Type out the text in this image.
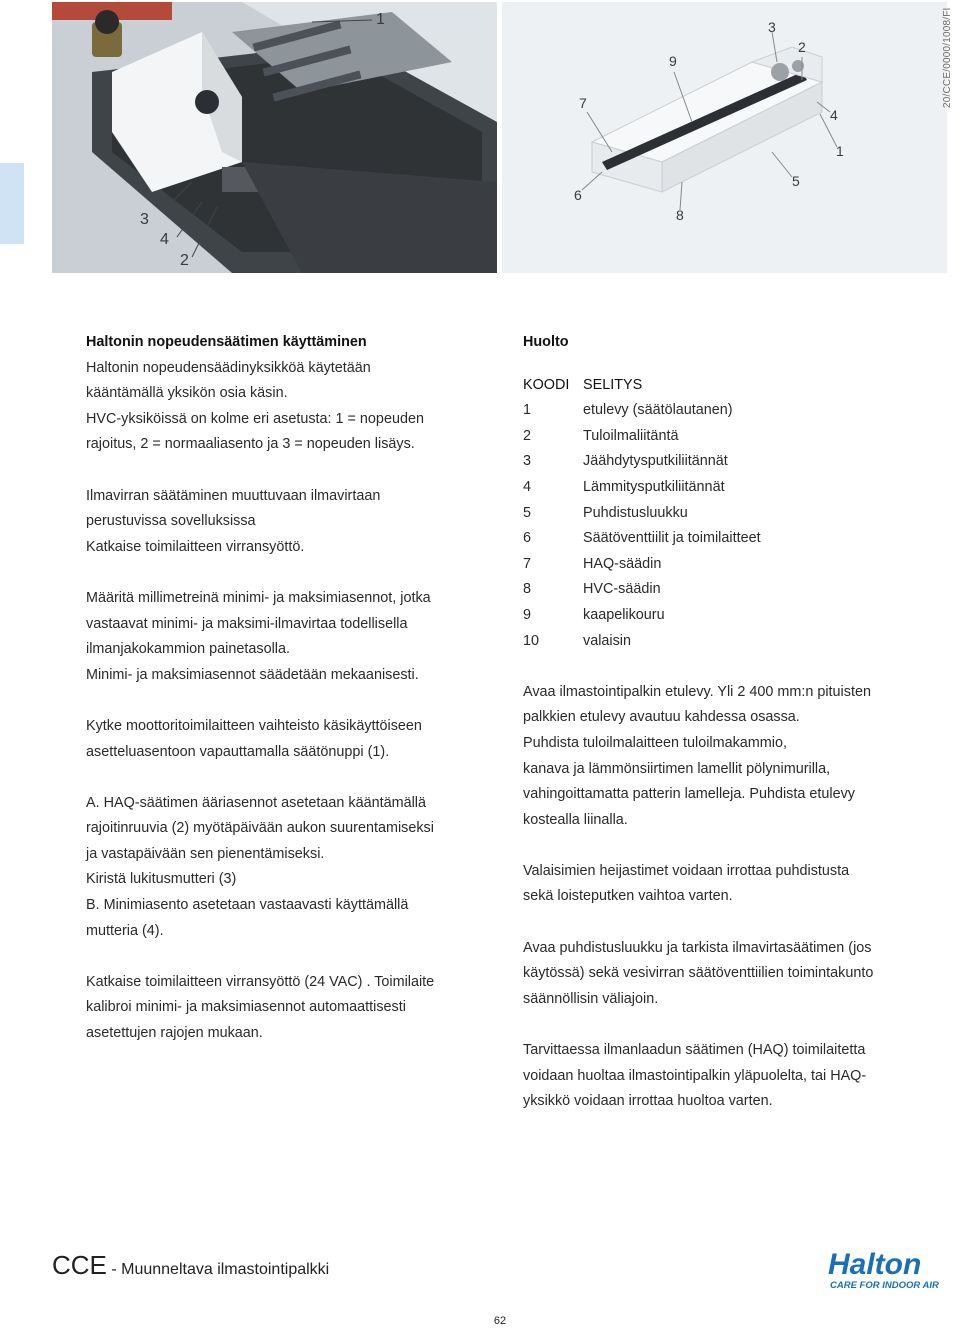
1
3
4
2
3
9
2
7
4
1
6
5
8
20/CCE/0000/1008/FI

Haltonin nopeudensäätimen käyttäminen

Haltonin nopeudensäädinyksikköä käytetään

kääntämällä yksikön osia käsin.

HVC-yksiköissä on kolme eri asetusta: 1 = nopeuden

rajoitus, 2 = normaaliasento ja 3 = nopeuden lisäys.

Ilmavirran säätäminen muuttuvaan ilmavirtaan

perustuvissa sovelluksissa

Katkaise toimilaitteen virransyöttö.

Määritä millimetreinä minimi- ja maksimiasennot, jotka

vastaavat minimi- ja maksimi-ilmavirtaa todellisella

ilmanjakokammion painetasolla.

Minimi- ja maksimiasennot säädetään mekaanisesti.

Kytke moottoritoimilaitteen vaihteisto käsikäyttöiseen

asetteluasentoon vapauttamalla säätönuppi (1).

A. HAQ-säätimen ääriasennot asetetaan kääntämällä

rajoitinruuvia (2) myötäpäivään aukon suurentamiseksi

ja vastapäivään sen pienentämiseksi.

Kiristä lukitusmutteri (3)

B. Minimiasento asetetaan vastaavasti käyttämällä

mutteria (4).

Katkaise toimilaitteen virransyöttö (24 VAC) . Toimilaite

kalibroi minimi- ja maksimiasennot automaattisesti

asetettujen rajojen mukaan.

Huolto

KOODI SELITYS
1	etulevy (säätölautanen)
2	Tuloilmaliitäntä
3	Jäähdytysputkiliitännät
4	Lämmitysputkiliitännät
5	Puhdistusluukku
6	Säätöventtiilit ja toimilaitteet
7	HAQ-säädin
8	HVC-säädin
9	kaapelikouru
10	valaisin

Avaa ilmastointipalkin etulevy. Yli 2 400 mm:n pituisten

palkkien etulevy avautuu kahdessa osassa.

Puhdista tuloilmalaitteen tuloilmakammio,

kanava ja lämmönsiirtimen lamellit pölynimurilla,

vahingoittamatta patterin lamelleja. Puhdista etulevy

kostealla liinalla.

Valaisimien heijastimet voidaan irrottaa puhdistusta

sekä loisteputken vaihtoa varten.

Avaa puhdistusluukku ja tarkista ilmavirtasäätimen (jos

käytössä) sekä vesivirran säätöventtiilien toimintakunto

säännöllisin väliajoin.

Tarvittaessa ilmanlaadun säätimen (HAQ) toimilaitetta

voidaan huoltaa ilmastointipalkin yläpuolelta, tai HAQ-

yksikkö voidaan irrottaa huoltoa varten.

CCE - Muunneltava ilmastointipalkki	Halton
CARE FOR INDOOR AIR
62
